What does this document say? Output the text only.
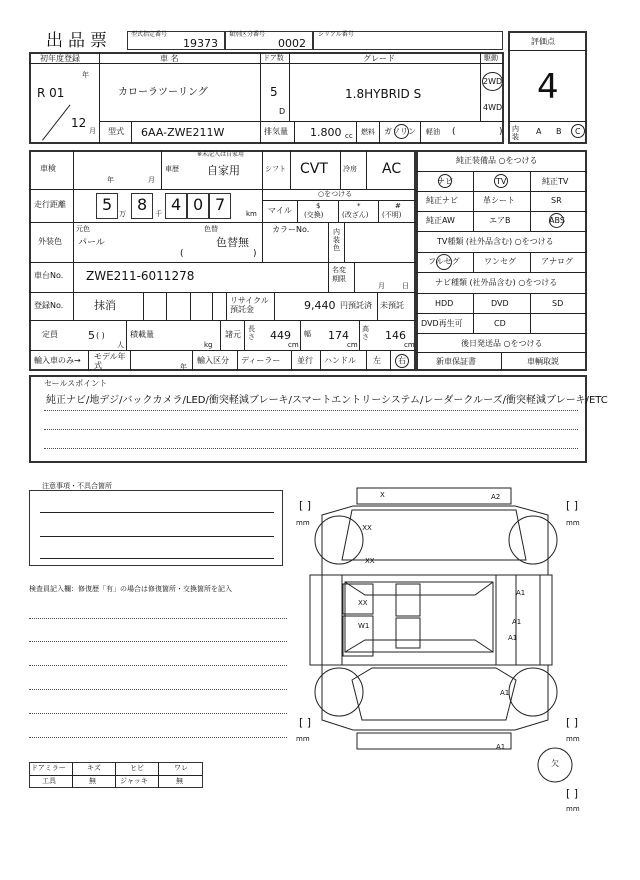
出品票	型式指定番号
19373
類別区分番号
0002
シリアル番号
評価点
4
内装
A B C
初年度登録
R 01
年
12
月
車 名
カローラツーリング
ドア数
5
D
グレード
1.8HYBRID S
駆動
2WD
4WD
型式 6AA-ZWE211W	排気量 1.800 cc 燃料 ガソリン 軽油 (	)
車検
年	月
車歴
※未記入は自家用
自家用	シフト CVT 冷房 AC
走行距離 5 万 8 千 4 0 7	km
○をつける
マイル	$
(交換)
*
(改ざん)
#
(不明)
外装色
元色
パール
色替
色替無
(	)
カラーNo.	内装色
車台No. ZWE211-6011278	名変期限
月 日
登録No.	抹消	リサイクル預託金	9,440 円預託済 未預託
定員	5 ( )
人
積載量
kg
諸元
長さ 449
cm
幅 174
cm
高さ 146
cm
輸入車のみ→ モデル年式	年
輸入区分 ディーラー 並行 ハンドル 左 右
純正装備品 ○をつける
ナビ	TV	純正TV
純正ナビ	革シート	SR
純正AW	エアB	ABS
TV種類 (社外品含む) ○をつける
フルセグ	ワンセグ	アナログ
ナビ種類 (社外品含む) ○をつける
HDD	DVD	SD
DVD再生可	CD
後日発送品 ○をつける
新車保証書	車輌取説
セールスポイント
純正ナビ/地デジ/バックカメラ/LED/衝突軽減ブレーキ/スマートエントリーシステム/レーダークルーズ/衝突軽減ブレーキ/ETC
注意事項・不具合箇所
検査員記入欄：修復歴「有」の場合は修復箇所・交換箇所を記入
ドアミラー	キズ	ヒビ	ワレ
工具	無	ジャッキ	無
XX
A1
X	A2
XX
A1
XX
W1
A1
A1
A1
欠
[ ]
mm
[ ]
mm
[ ]
mm
[ ]
mm
[ ]
mm
